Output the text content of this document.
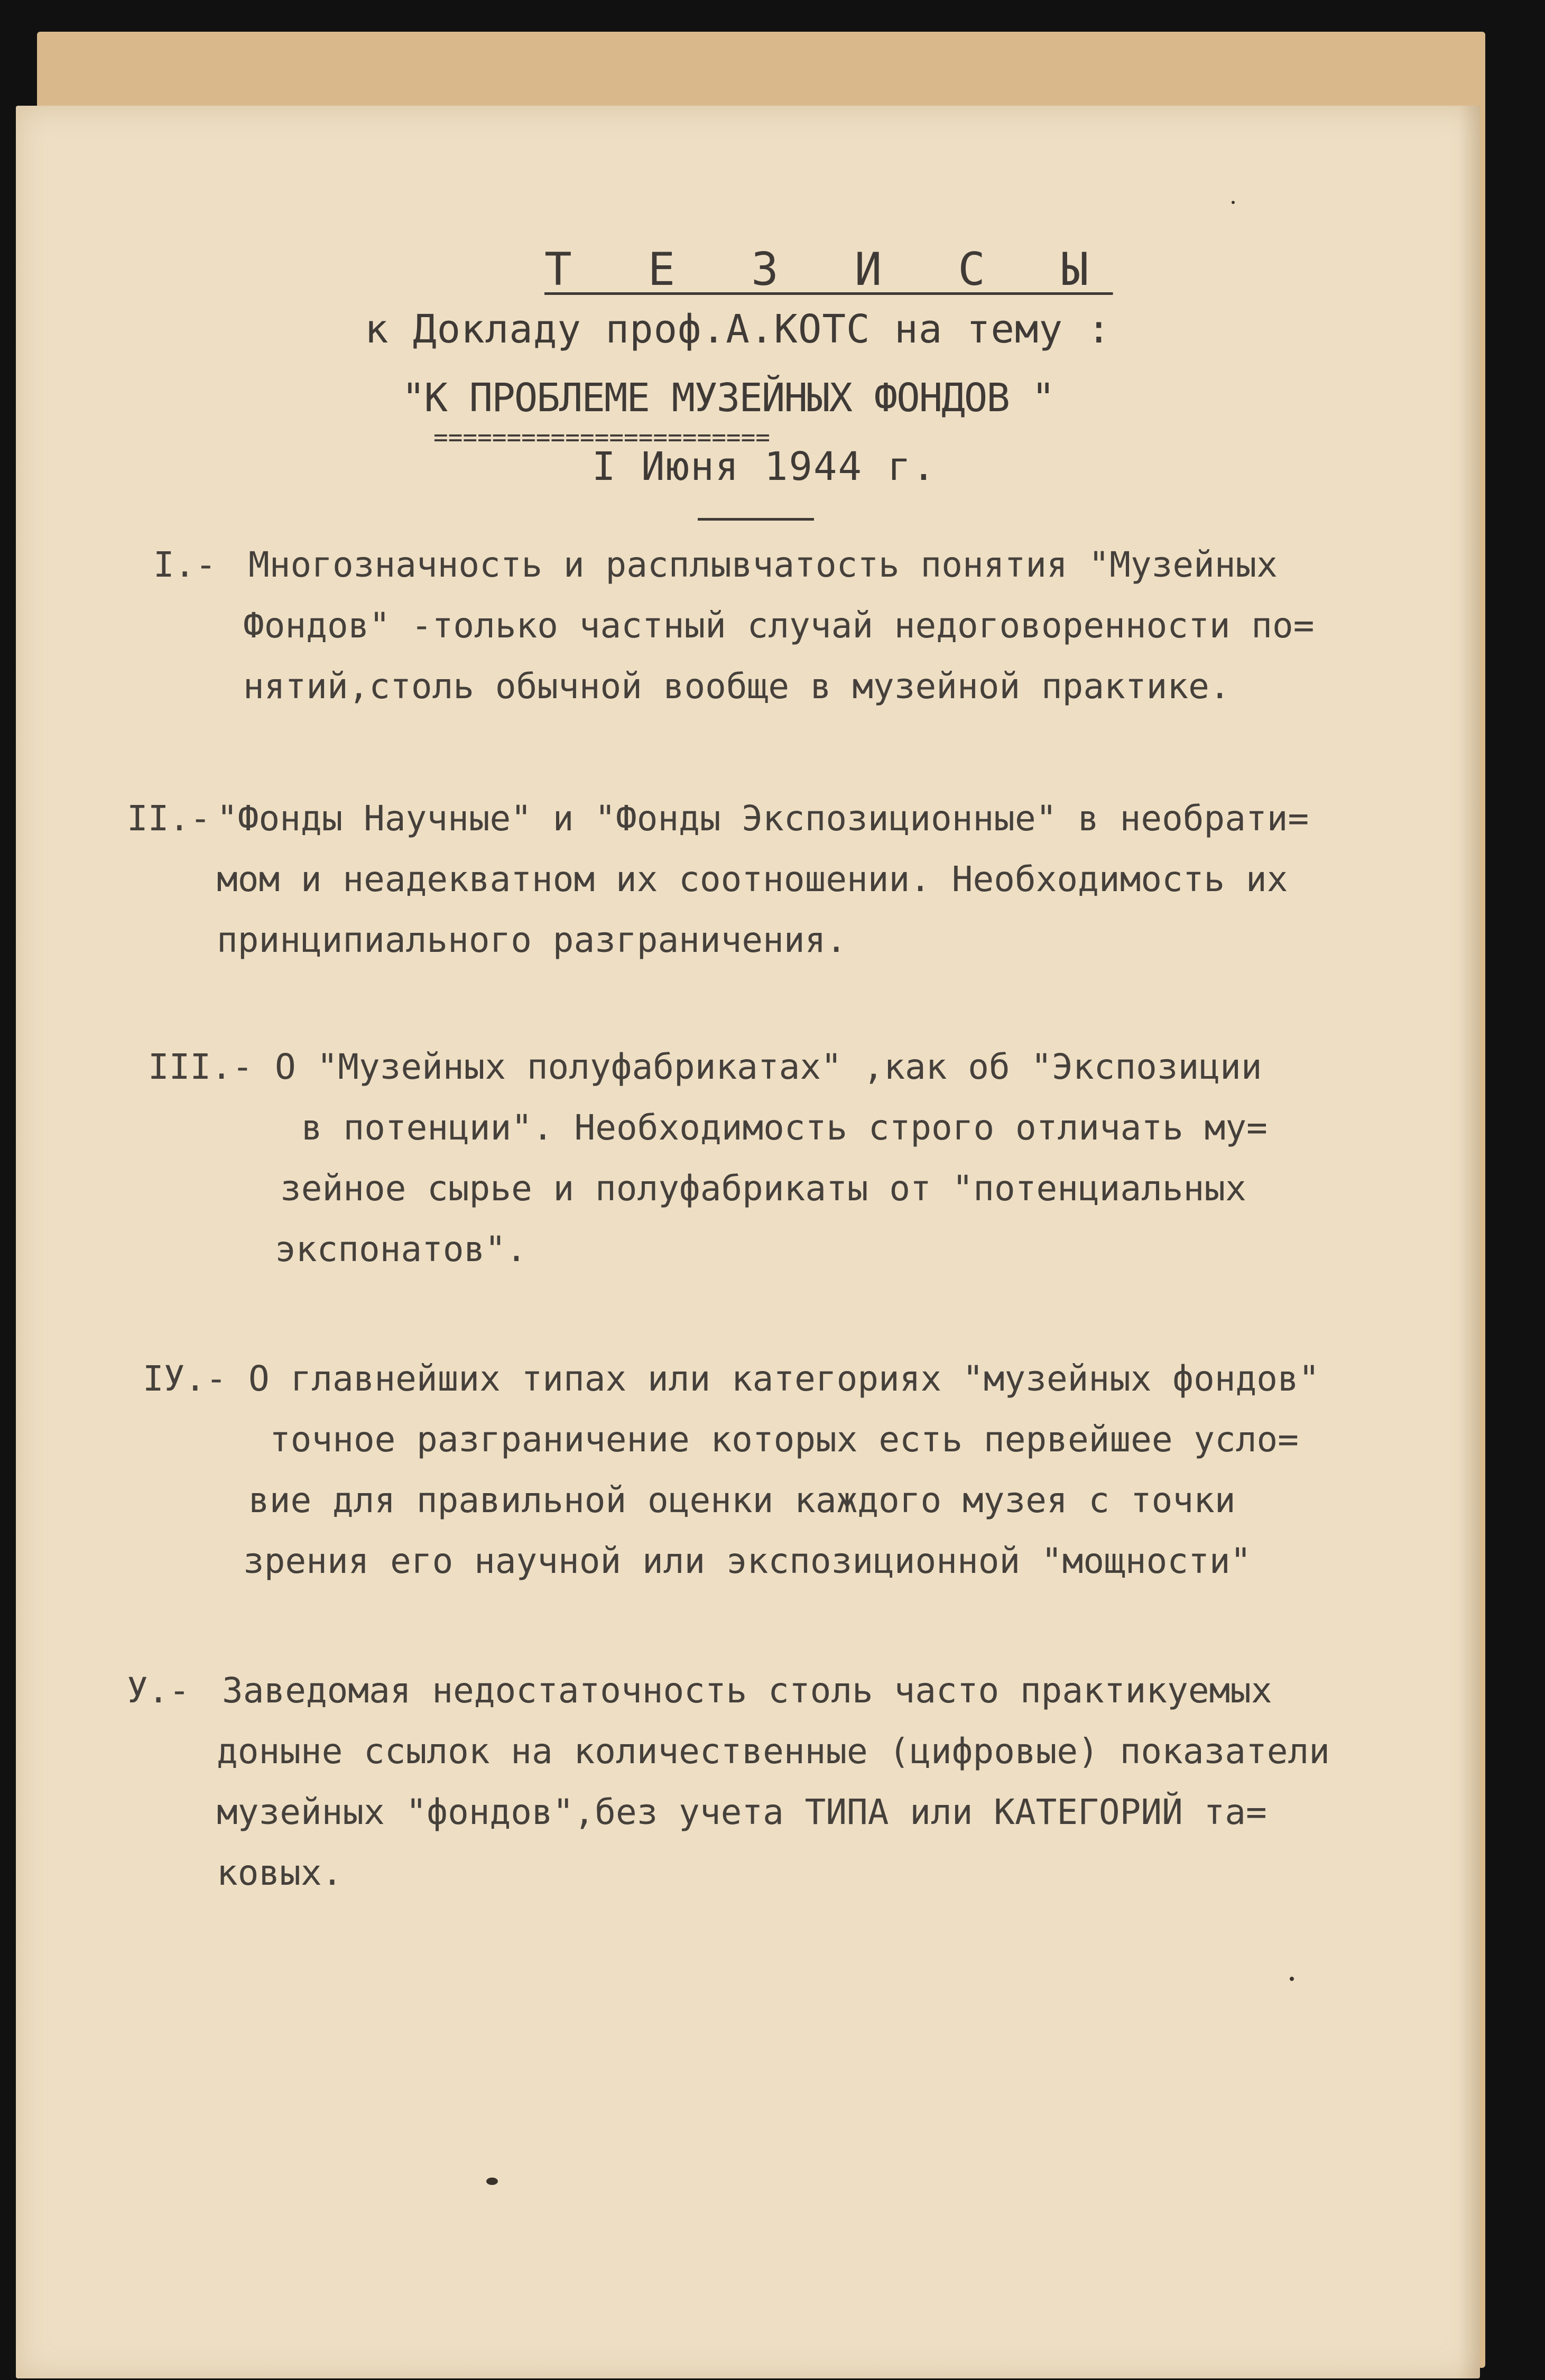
Т Е З И С Ы
к Докладу проф.А.КОТС на тему :
"К ПРОБЛЕМЕ МУЗЕЙНЫХ ФОНДОВ "
=======================
I Июня 1944 г.
I.- Многозначность и расплывчатость понятия "Музейных
Фондов" -только частный случай недоговоренности по=
нятий,столь обычной вообще в музейной практике.
II.- "Фонды Научные" и "Фонды Экспозиционные" в необрати=
мом и неадекватном их соотношении. Необходимость их
принципиального разграничения.
III.- О "Музейных полуфабрикатах" ,как об "Экспозиции
в потенции". Необходимость строго отличать му=
зейное сырье и полуфабрикаты от "потенциальных
экспонатов".
IУ.- О главнейших типах или категориях "музейных фондов"
точное разграничение которых есть первейшее усло=
вие для правильной оценки каждого музея с точки
зрения его научной или экспозиционной "мощности"
У.- Заведомая недостаточность столь часто практикуемых
доныне ссылок на количественные (цифровые) показатели
музейных "фондов",без учета ТИПА или КАТЕГОРИЙ та=
ковых.
